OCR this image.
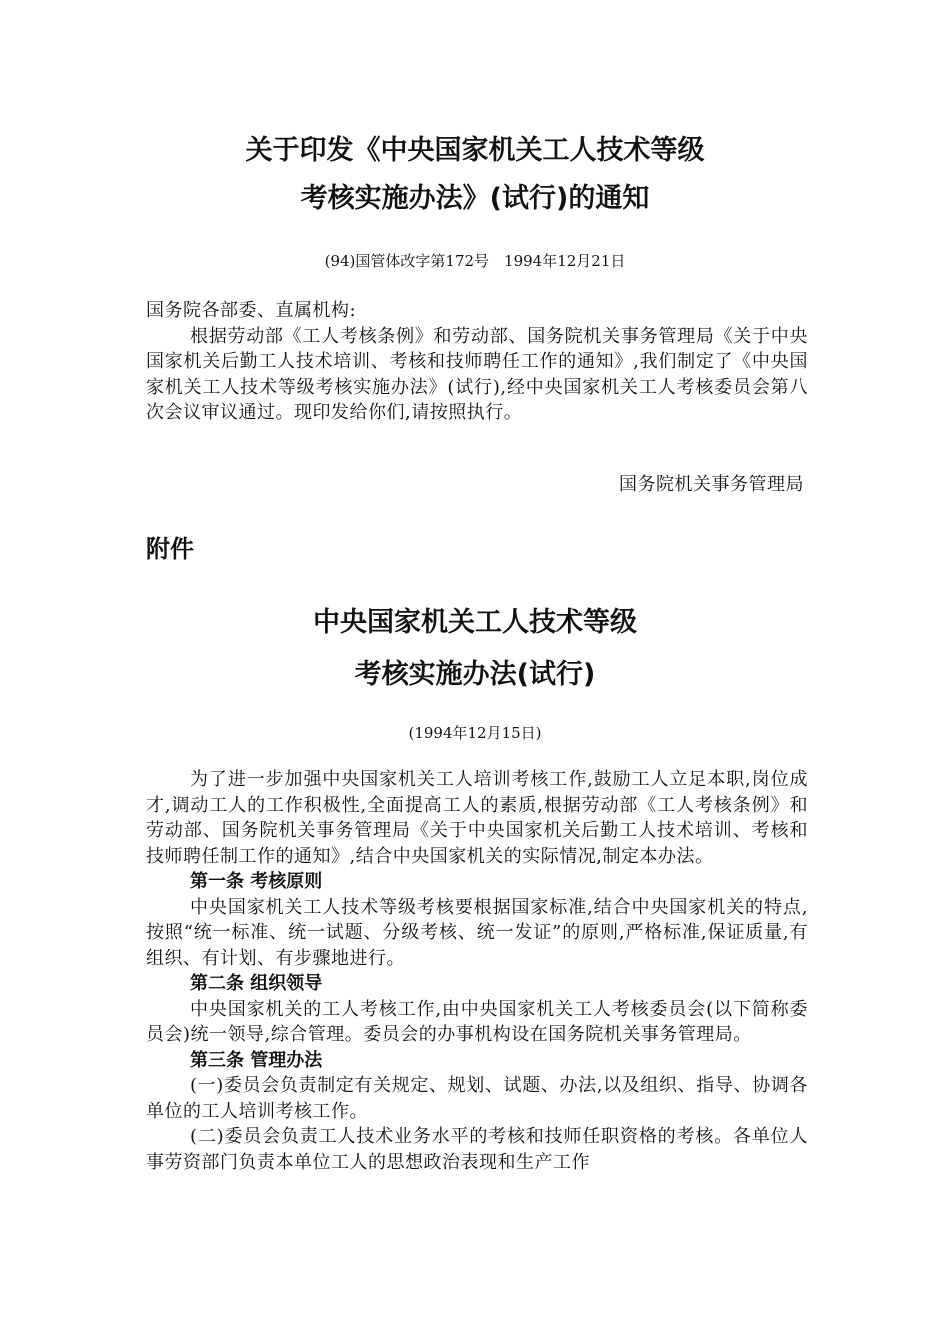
关于印发《中央国家机关工人技术等级
考核实施办法》(试行)的通知
(94)国管体改字第172号　1994年12月21日

国务院各部委、直属机构:

根据劳动部《工人考核条例》和劳动部、国务院机关事务管理局《关于中央国家机关后勤工人技术培训、考核和技师聘任工作的通知》,我们制定了《中央国家机关工人技术等级考核实施办法》(试行),经中央国家机关工人考核委员会第八次会议审议通过。现印发给你们,请按照执行。

国务院机关事务管理局
附件
中央国家机关工人技术等级
考核实施办法(试行)
(1994年12月15日)

为了进一步加强中央国家机关工人培训考核工作,鼓励工人立足本职,岗位成才,调动工人的工作积极性,全面提高工人的素质,根据劳动部《工人考核条例》和劳动部、国务院机关事务管理局《关于中央国家机关后勤工人技术培训、考核和技师聘任制工作的通知》,结合中央国家机关的实际情况,制定本办法。

第一条 考核原则

中央国家机关工人技术等级考核要根据国家标准,结合中央国家机关的特点,按照“统一标准、统一试题、分级考核、统一发证”的原则,严格标准,保证质量,有组织、有计划、有步骤地进行。

第二条 组织领导

中央国家机关的工人考核工作,由中央国家机关工人考核委员会(以下简称委员会)统一领导,综合管理。委员会的办事机构设在国务院机关事务管理局。

第三条 管理办法

(一)委员会负责制定有关规定、规划、试题、办法,以及组织、指导、协调各单位的工人培训考核工作。

(二)委员会负责工人技术业务水平的考核和技师任职资格的考核。各单位人事劳资部门负责本单位工人的思想政治表现和生产工作
